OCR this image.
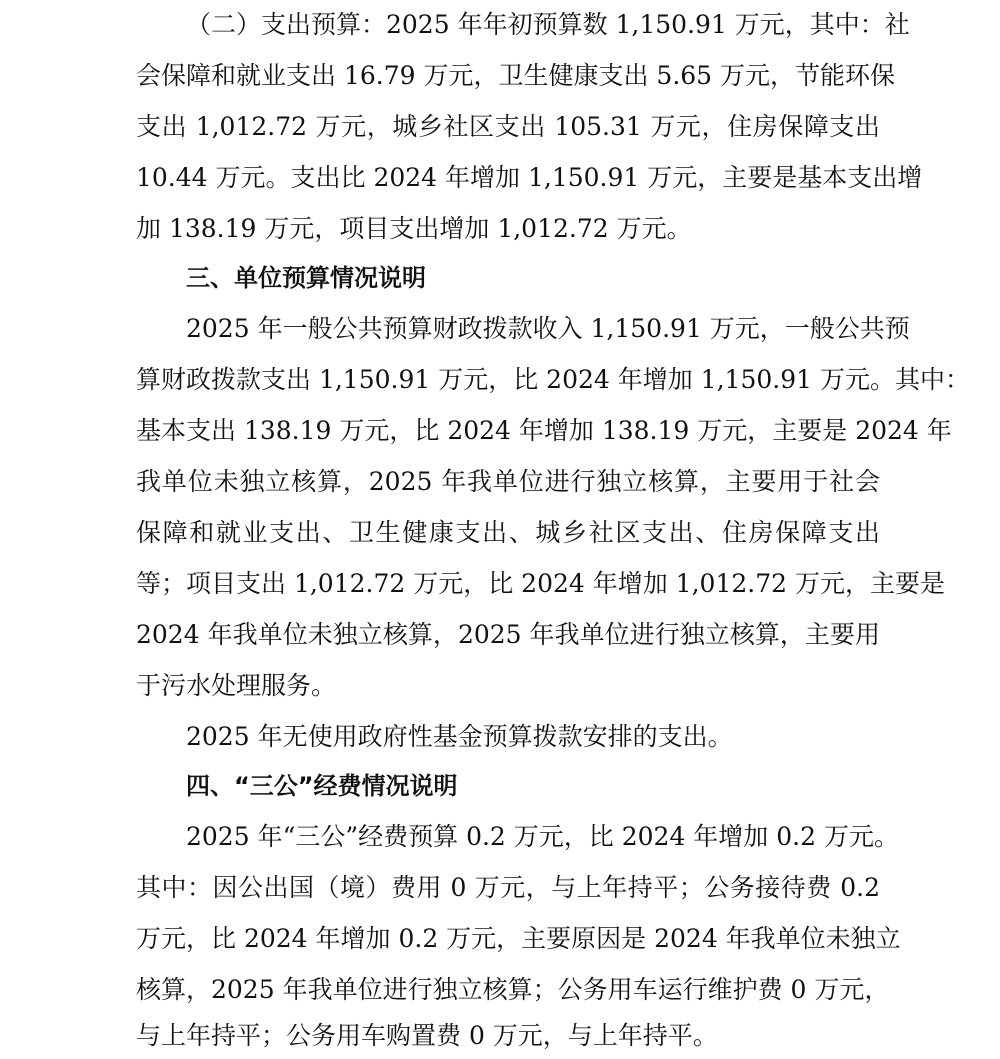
（二）支出预算：2025 年年初预算数 1,150.91 万元，其中：社
会保障和就业支出 16.79 万元，卫生健康支出 5.65 万元，节能环保
支出 1,012.72 万元，城乡社区支出 105.31 万元，住房保障支出
10.44 万元。支出比 2024 年增加 1,150.91 万元，主要是基本支出增
加 138.19 万元，项目支出增加 1,012.72 万元。
三、单位预算情况说明
2025 年一般公共预算财政拨款收入 1,150.91 万元，一般公共预
算财政拨款支出 1,150.91 万元，比 2024 年增加 1,150.91 万元。其中：
基本支出 138.19 万元，比 2024 年增加 138.19 万元，主要是 2024 年
我单位未独立核算，2025 年我单位进行独立核算，主要用于社会
保障和就业支出、卫生健康支出、城乡社区支出、住房保障支出
等；项目支出 1,012.72 万元，比 2024 年增加 1,012.72 万元，主要是
2024 年我单位未独立核算，2025 年我单位进行独立核算，主要用
于污水处理服务。
2025 年无使用政府性基金预算拨款安排的支出。
四、“三公”经费情况说明
2025 年“三公”经费预算 0.2 万元，比 2024 年增加 0.2 万元。
其中：因公出国（境）费用 0 万元，与上年持平；公务接待费 0.2
万元，比 2024 年增加 0.2 万元，主要原因是 2024 年我单位未独立
核算，2025 年我单位进行独立核算；公务用车运行维护费 0 万元，
与上年持平；公务用车购置费 0 万元，与上年持平。
